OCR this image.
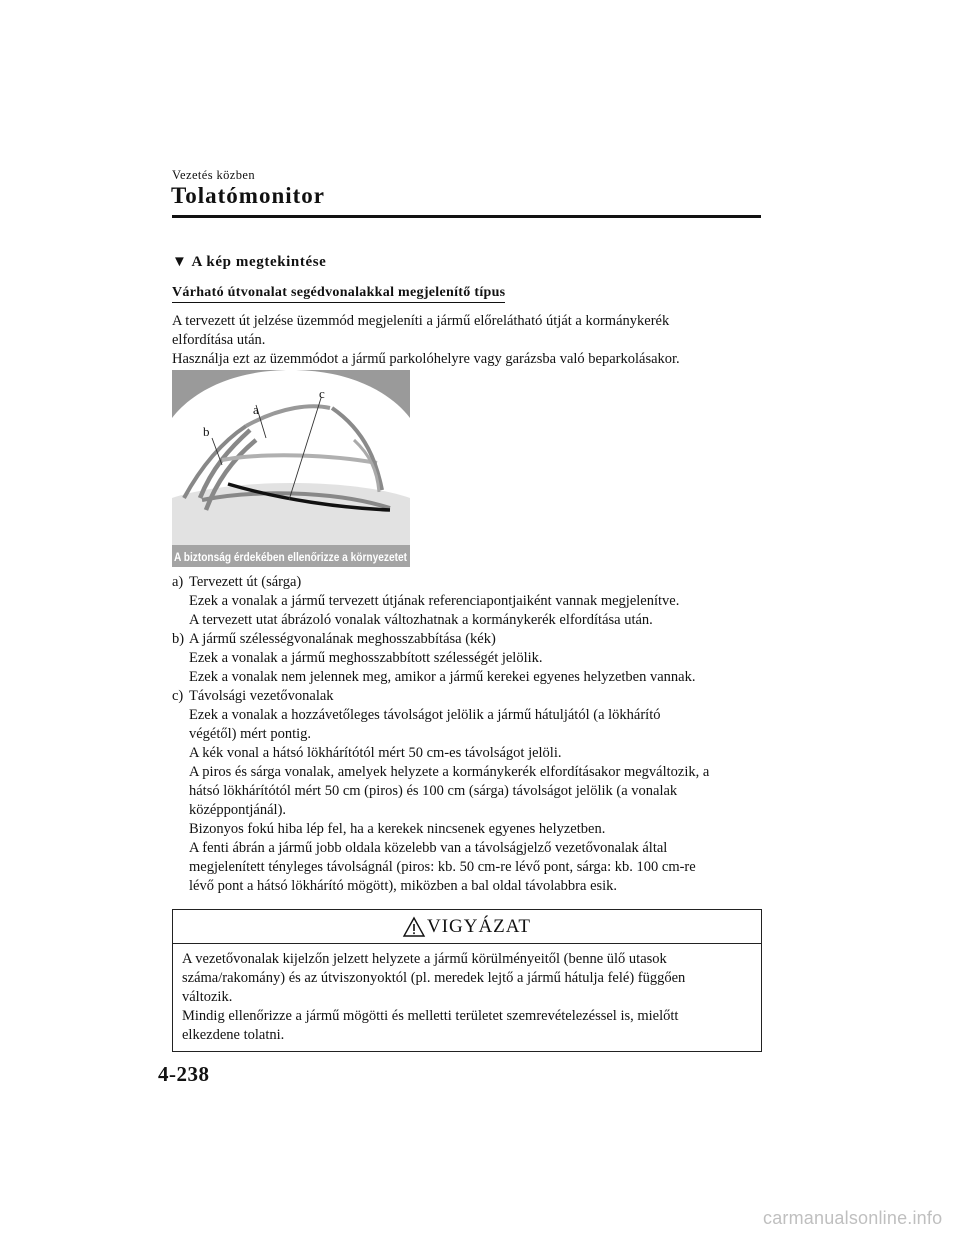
Vezetés közben
Tolatómonitor
▼ A kép megtekintése
Várható útvonalat segédvonalakkal megjelenítő típus

A tervezett út jelzése üzemmód megjeleníti a jármű előrelátható útját a kormánykerék

elfordítása után.

Használja ezt az üzemmódot a jármű parkolóhelyre vagy garázsba való beparkolásakor.

a
c
b
A biztonság érdekében ellenőrizze a környezetet
a) Tervezett út (sárga)

Ezek a vonalak a jármű tervezett útjának referenciapontjaiként vannak megjelenítve.

A tervezett utat ábrázoló vonalak változhatnak a kormánykerék elfordítása után.

b) A jármű szélességvonalának meghosszabbítása (kék)

Ezek a vonalak a jármű meghosszabbított szélességét jelölik.

Ezek a vonalak nem jelennek meg, amikor a jármű kerekei egyenes helyzetben vannak.

c) Távolsági vezetővonalak

Ezek a vonalak a hozzávetőleges távolságot jelölik a jármű hátuljától (a lökhárító

végétől) mért pontig.

A kék vonal a hátsó lökhárítótól mért 50 cm-es távolságot jelöli.

A piros és sárga vonalak, amelyek helyzete a kormánykerék elfordításakor megváltozik, a

hátsó lökhárítótól mért 50 cm (piros) és 100 cm (sárga) távolságot jelölik (a vonalak

középpontjánál).

Bizonyos fokú hiba lép fel, ha a kerekek nincsenek egyenes helyzetben.

A fenti ábrán a jármű jobb oldala közelebb van a távolságjelző vezetővonalak által

megjelenített tényleges távolságnál (piros: kb. 50 cm-re lévő pont, sárga: kb. 100 cm-re

lévő pont a hátsó lökhárító mögött), miközben a bal oldal távolabbra esik.

VIGYÁZAT

A vezetővonalak kijelzőn jelzett helyzete a jármű körülményeitől (benne ülő utasok

száma/rakomány) és az útviszonyoktól (pl. meredek lejtő a jármű hátulja felé) függően

változik.

Mindig ellenőrizze a jármű mögötti és melletti területet szemrevételezéssel is, mielőtt

elkezdene tolatni.

4-238
carmanualsonline.info
